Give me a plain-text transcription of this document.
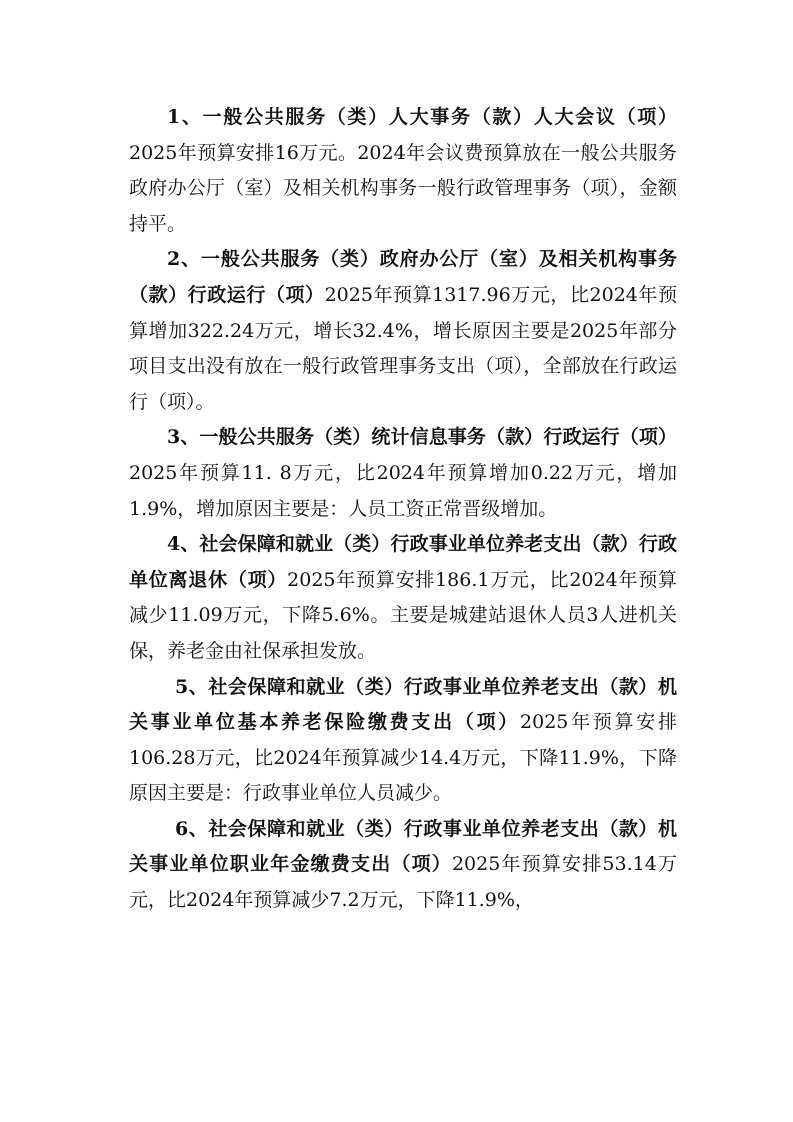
1、一般公共服务（类）人大事务（款）人大会议（项）2025年预算安排16万元。2024年会议费预算放在一般公共服务政府办公厅（室）及相关机构事务一般行政管理事务（项），金额持平。

2、一般公共服务（类）政府办公厅（室）及相关机构事务（款）行政运行（项）2025年预算1317.96万元，比2024年预算增加322.24万元，增长32.4%，增长原因主要是2025年部分项目支出没有放在一般行政管理事务支出（项），全部放在行政运行（项）。

3、一般公共服务（类）统计信息事务（款）行政运行（项）2025年预算11. 8万元，比2024年预算增加0.22万元，增加1.9%，增加原因主要是：人员工资正常晋级增加。

4、社会保障和就业（类）行政事业单位养老支出（款）行政单位离退休（项）2025年预算安排186.1万元，比2024年预算减少11.09万元，下降5.6%。主要是城建站退休人员3人进机关保，养老金由社保承担发放。

5、社会保障和就业（类）行政事业单位养老支出（款）机关事业单位基本养老保险缴费支出（项）2025年预算安排106.28万元，比2024年预算减少14.4万元，下降11.9%，下降原因主要是：行政事业单位人员减少。

6、社会保障和就业（类）行政事业单位养老支出（款）机关事业单位职业年金缴费支出（项）2025年预算安排53.14万元，比2024年预算减少7.2万元，下降11.9%，
